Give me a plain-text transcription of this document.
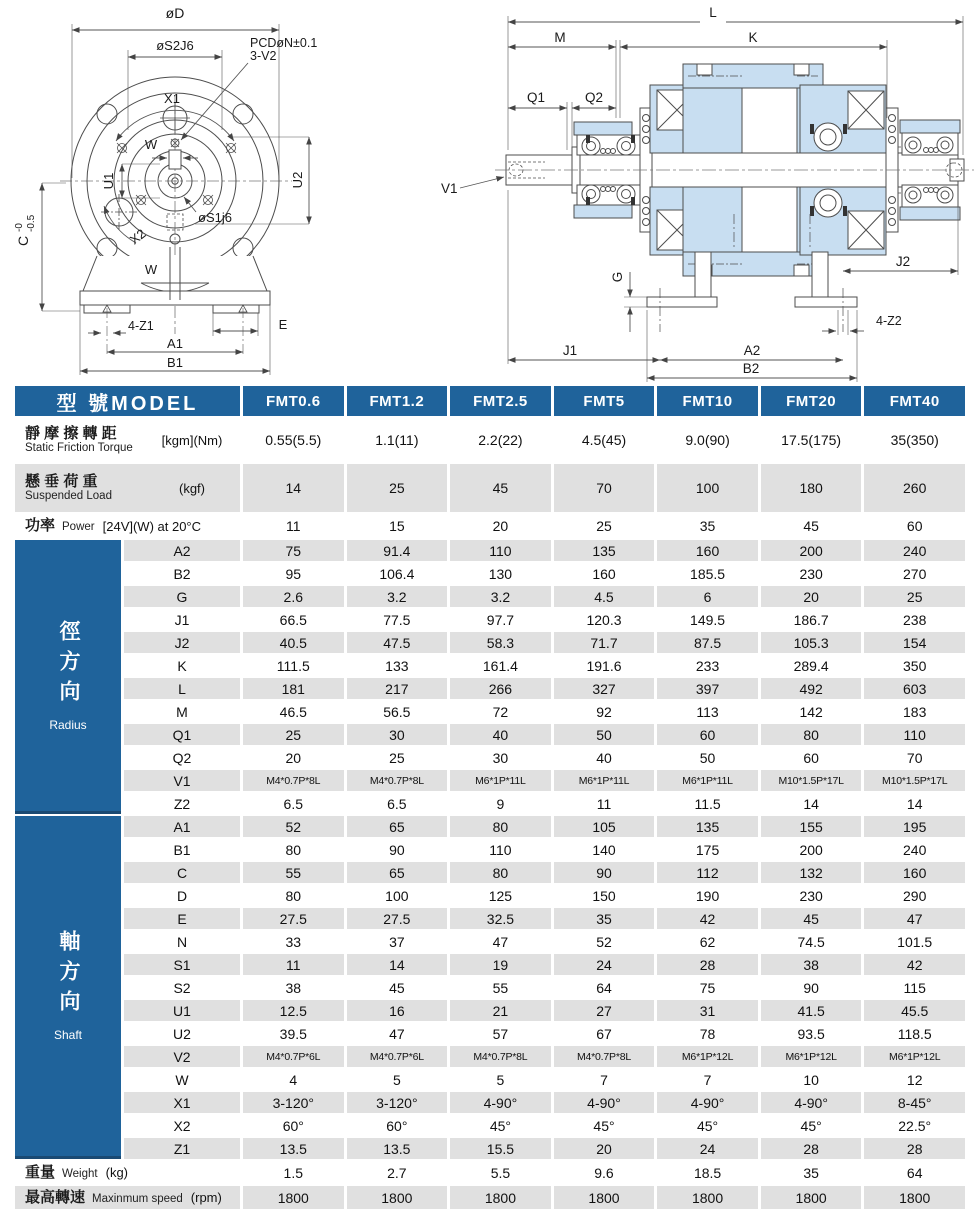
øD
øS2J6	PCDøN±0.1
3-V2
X1
W
U1	U2
øS1j6
X2
W
C
-0 -0.5
4-Z1	E
A1
B1
L
M	K
Q1	Q2
V1
G
J2
4-Z2
J1	A2
B2
型 號MODEL	FMT0.6	FMT1.2	FMT2.5	FMT5	FMT10	FMT20	FMT40
靜 摩 擦 轉 距
Static Friction Torque
[kgm](Nm)	0.55(5.5)	1.1(11)	2.2(22)	4.5(45)	9.0(90)	17.5(175)	35(350)
懸 垂 荷 重
Suspended Load
(kgf)	14	25	45	70	100	180	260
功率 Power [24V](W) at 20°C	11	15	20	25	35	45	60
徑方向
Radius
A2	75	91.4	110	135	160	200	240
B2	95	106.4	130	160	185.5	230	270
G	2.6	3.2	3.2	4.5	6	20	25
J1	66.5	77.5	97.7	120.3	149.5	186.7	238
J2	40.5	47.5	58.3	71.7	87.5	105.3	154
K	111.5	133	161.4	191.6	233	289.4	350
L	181	217	266	327	397	492	603
M	46.5	56.5	72	92	113	142	183
Q1	25	30	40	50	60	80	110
Q2	20	25	30	40	50	60	70
V1	M4*0.7P*8L	M4*0.7P*8L	M6*1P*11L	M6*1P*11L	M6*1P*11L	M10*1.5P*17L	M10*1.5P*17L
Z2	6.5	6.5	9	11	11.5	14	14
軸方向
Shaft
A1	52	65	80	105	135	155	195
B1	80	90	110	140	175	200	240
C	55	65	80	90	112	132	160
D	80	100	125	150	190	230	290
E	27.5	27.5	32.5	35	42	45	47
N	33	37	47	52	62	74.5	101.5
S1	11	14	19	24	28	38	42
S2	38	45	55	64	75	90	115
U1	12.5	16	21	27	31	41.5	45.5
U2	39.5	47	57	67	78	93.5	118.5
V2	M4*0.7P*6L	M4*0.7P*6L	M4*0.7P*8L	M4*0.7P*8L	M6*1P*12L	M6*1P*12L	M6*1P*12L
W	4	5	5	7	7	10	12
X1	3-120°	3-120°	4-90°	4-90°	4-90°	4-90°	8-45°
X2	60°	60°	45°	45°	45°	45°	22.5°
Z1	13.5	13.5	15.5	20	24	28	28
重量 Weight (kg)	1.5	2.7	5.5	9.6	18.5	35	64
最高轉速 Maxinmum speed (rpm)	1800	1800	1800	1800	1800	1800	1800
